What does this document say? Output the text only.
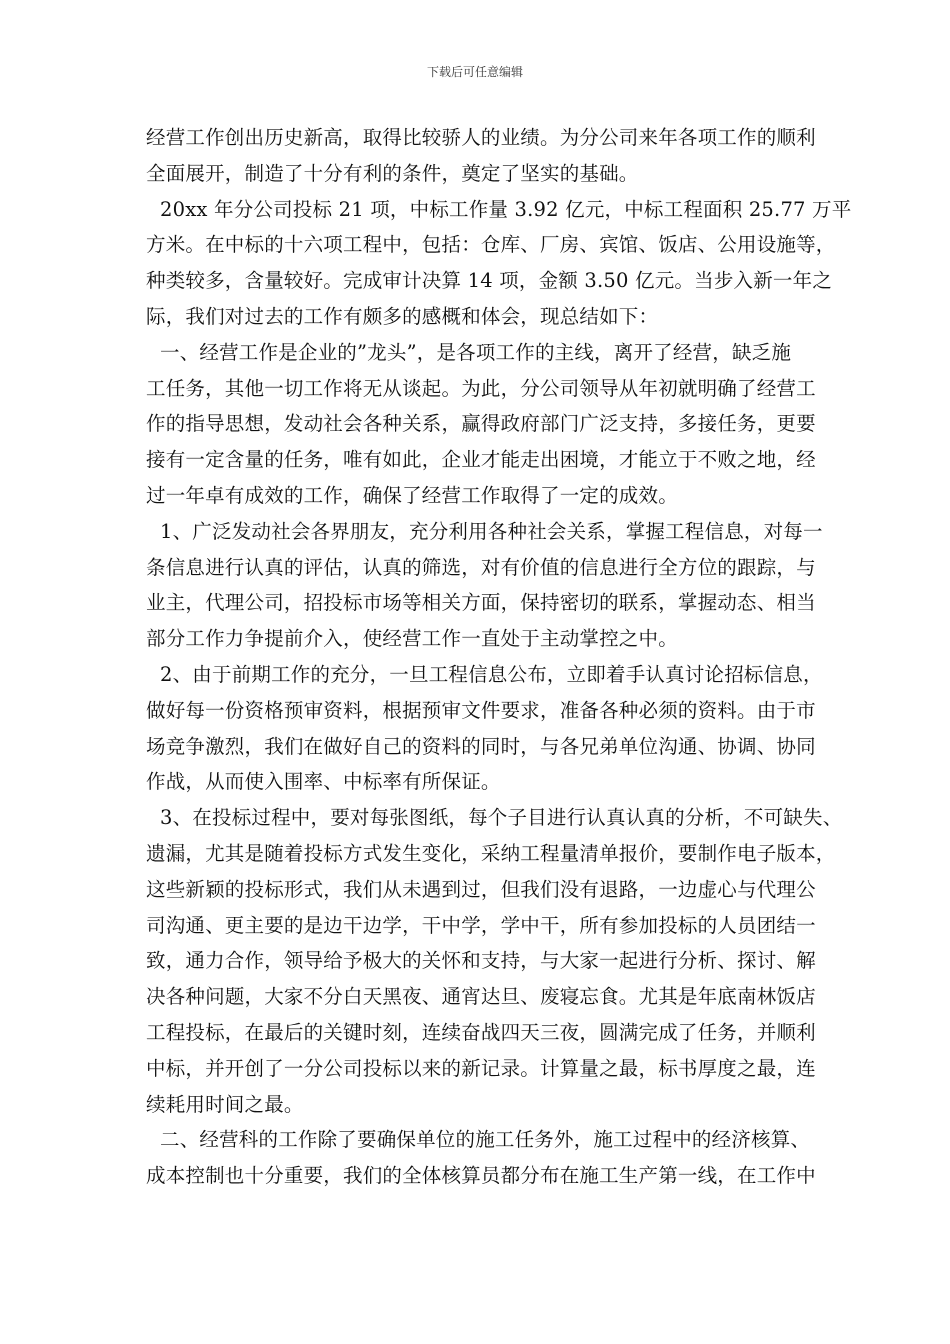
下载后可任意编辑
经营工作创出历史新高，取得比较骄人的业绩。为分公司来年各项工作的顺利
全面展开，制造了十分有利的条件，奠定了坚实的基础。
20xx 年分公司投标 21 项，中标工作量 3.92 亿元，中标工程面积 25.77 万平
方米。在中标的十六项工程中，包括：仓库、厂房、宾馆、饭店、公用设施等，
种类较多，含量较好。完成审计决算 14 项，金额 3.50 亿元。当步入新一年之
际，我们对过去的工作有颇多的感概和体会，现总结如下：
一、经营工作是企业的”龙头”，是各项工作的主线，离开了经营，缺乏施
工任务，其他一切工作将无从谈起。为此，分公司领导从年初就明确了经营工
作的指导思想，发动社会各种关系，赢得政府部门广泛支持，多接任务，更要
接有一定含量的任务，唯有如此，企业才能走出困境，才能立于不败之地，经
过一年卓有成效的工作，确保了经营工作取得了一定的成效。
1、广泛发动社会各界朋友，充分利用各种社会关系，掌握工程信息，对每一
条信息进行认真的评估，认真的筛选，对有价值的信息进行全方位的跟踪，与
业主，代理公司，招投标市场等相关方面，保持密切的联系，掌握动态、相当
部分工作力争提前介入，使经营工作一直处于主动掌控之中。
2、由于前期工作的充分，一旦工程信息公布，立即着手认真讨论招标信息，
做好每一份资格预审资料，根据预审文件要求，准备各种必须的资料。由于市
场竞争激烈，我们在做好自己的资料的同时，与各兄弟单位沟通、协调、协同
作战，从而使入围率、中标率有所保证。
3、在投标过程中，要对每张图纸，每个子目进行认真认真的分析，不可缺失、
遗漏，尤其是随着投标方式发生变化，采纳工程量清单报价，要制作电子版本，
这些新颖的投标形式，我们从未遇到过，但我们没有退路，一边虚心与代理公
司沟通、更主要的是边干边学，干中学，学中干，所有参加投标的人员团结一
致，通力合作，领导给予极大的关怀和支持，与大家一起进行分析、探讨、解
决各种问题，大家不分白天黑夜、通宵达旦、废寝忘食。尤其是年底南林饭店
工程投标，在最后的关键时刻，连续奋战四天三夜，圆满完成了任务，并顺利
中标，并开创了一分公司投标以来的新记录。计算量之最，标书厚度之最，连
续耗用时间之最。
二、经营科的工作除了要确保单位的施工任务外，施工过程中的经济核算、
成本控制也十分重要，我们的全体核算员都分布在施工生产第一线，在工作中
